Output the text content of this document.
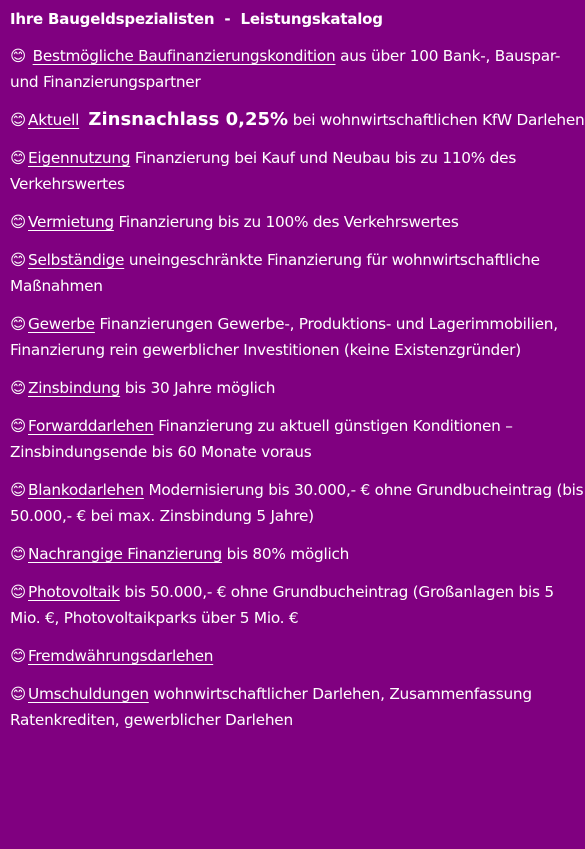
Ihre Baugeldspezialisten  -  Leistungskatalog
😊 Bestmögliche Baufinanzierungskondition aus über 100 Bank-, Bauspar- und Finanzierungspartner
😊 Aktuell Zinsnachlass 0,25% bei wohnwirtschaftlichen KfW Darlehen
😊 Eigennutzung Finanzierung bei Kauf und Neubau bis zu 110% des Verkehrswertes
😊 Vermietung Finanzierung bis zu 100% des Verkehrswertes
😊 Selbständige uneingeschränkte Finanzierung für wohnwirtschaftliche Maßnahmen
😊 Gewerbe Finanzierungen Gewerbe-, Produktions- und Lagerimmobilien, Finanzierung rein gewerblicher Investitionen (keine Existenzgründer)
😊 Zinsbindung bis 30 Jahre möglich
😊 Forwarddarlehen Finanzierung zu aktuell günstigen Konditionen – Zinsbindungsende bis 60 Monate voraus
😊 Blankodarlehen Modernisierung bis 30.000,- € ohne Grundbucheintrag (bis 50.000,- € bei max. Zinsbindung 5 Jahre)
😊 Nachrangige Finanzierung bis 80% möglich
😊 Photovoltaik bis 50.000,- € ohne Grundbucheintrag (Großanlagen bis 5 Mio. €, Photovoltaikparks über 5 Mio. €
😊 Fremdwährungsdarlehen
😊 Umschuldungen wohnwirtschaftlicher Darlehen, Zusammenfassung Ratenkrediten, gewerblicher Darlehen
